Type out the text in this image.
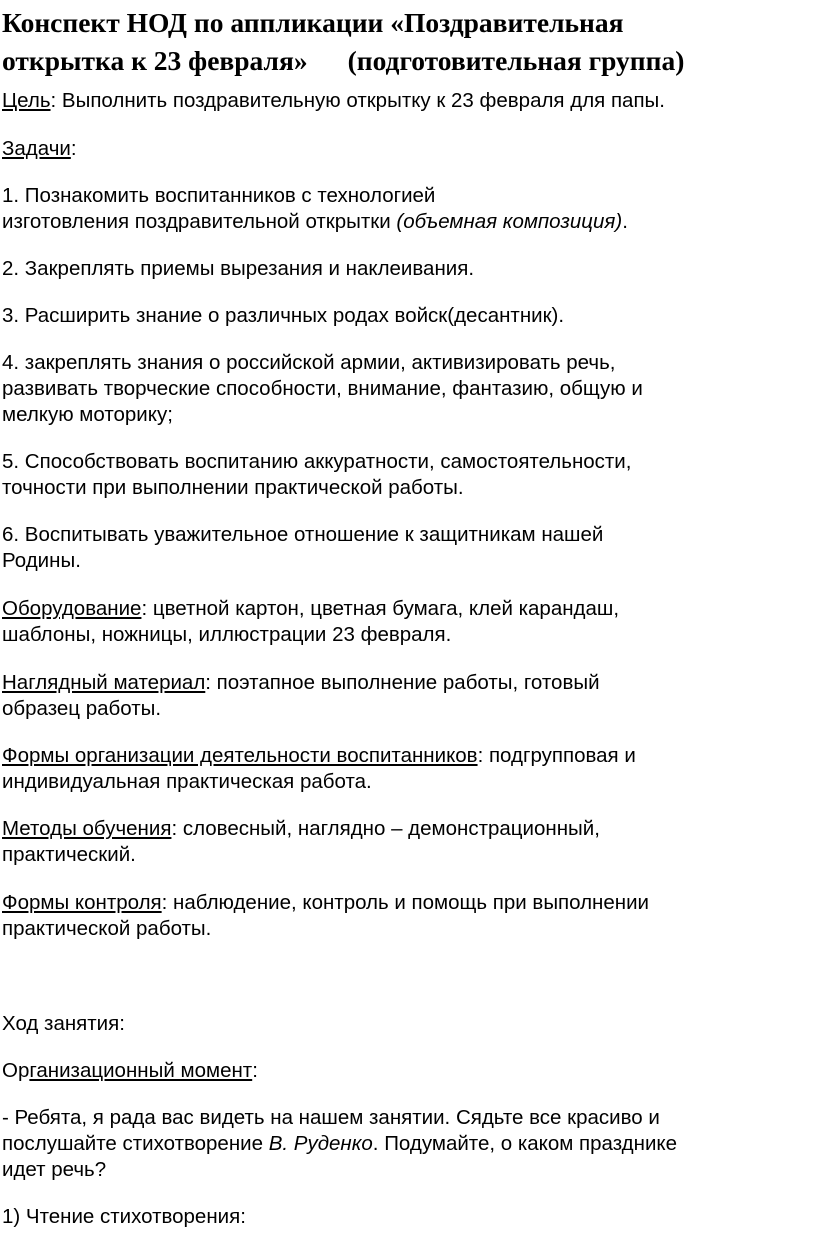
Конспект НОД по аппликации «Поздравительная
открытка к 23 февраля» (подготовительная группа)

Цель: Выполнить поздравительную открытку к 23 февраля для папы.

Задачи:

1. Познакомить воспитанников с технологией
изготовления поздравительной открытки (объемная композиция).

2. Закреплять приемы вырезания и наклеивания.

3. Расширить знание о различных родах войск(десантник).

4. закреплять знания о российской армии, активизировать речь,
развивать творческие способности, внимание, фантазию, общую и
мелкую моторику;

5. Способствовать воспитанию аккуратности, самостоятельности,
точности при выполнении практической работы.

6. Воспитывать уважительное отношение к защитникам нашей
Родины.

Оборудование: цветной картон, цветная бумага, клей карандаш,
шаблоны, ножницы, иллюстрации 23 февраля.

Наглядный материал: поэтапное выполнение работы, готовый
образец работы.

Формы организации деятельности воспитанников: подгрупповая и
индивидуальная практическая работа.

Методы обучения: словесный, наглядно – демонстрационный,
практический.

Формы контроля: наблюдение, контроль и помощь при выполнении
практической работы.

Ход занятия:

Организационный момент:

- Ребята, я рада вас видеть на нашем занятии. Сядьте все красиво и
послушайте стихотворение В. Руденко. Подумайте, о каком празднике
идет речь?

1) Чтение стихотворения:
